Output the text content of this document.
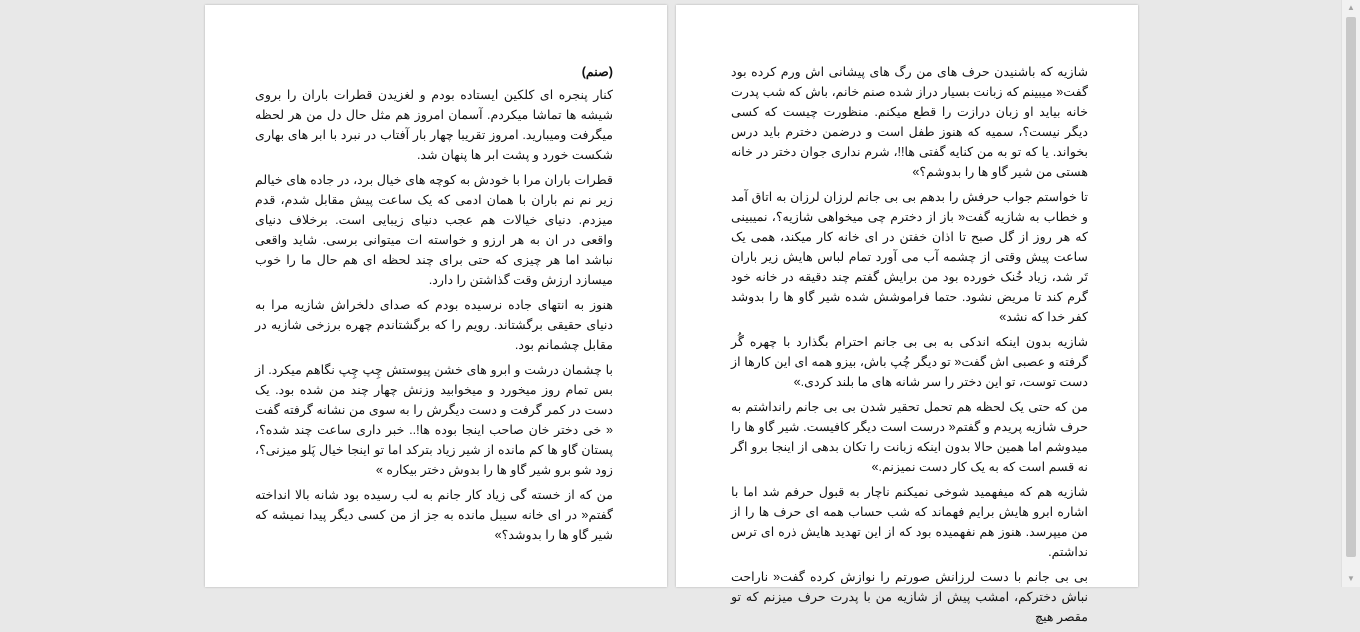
شازیه که باشنیدن حرف های من رگ های پیشانی اش ورم کرده بود گفت« میبینم که زبانت بسیار دراز شده صنم خانم، باش که شب پدرت خانه بیاید او زبان درازت را قطع میکنم. منظورت چیست که کسی دیگر نیست؟، سمیه که هنوز طفل است و درضمن دخترم باید درس بخواند. یا که تو به من کنایه گفتی ها!!، شرم نداری جوان دختر در خانه هستی من شیر گاو ها را بدوشم؟»

تا خواستم جواب حرفش را بدهم بی بی جانم لرزان لرزان به اتاق آمد و خطاب به شازیه گفت« باز از دخترم چی میخواهی شازیه؟، نمیبینی که هر روز از گل صبح تا اذان خفتن در ای خانه کار میکند، همی یک ساعت پیش وقتی از چشمه آب می آورد تمام لباس هایش زیر باران تَر شد، زیاد خُنک خورده بود من برایش گفتم چند دقیقه در خانه خود گرم کند تا مریض نشود. حتما فراموشش شده شیر گاو ها را بدوشد کفر خدا که نشد»

شازیه بدون اینکه اندکی به بی بی جانم احترام بگذارد با چهره گُر گرفته و عصبی اش گفت« تو دیگر چُپ باش، بیزو همه ای این کارها از دست توست، تو این دختر را سر شانه های ما بلند کردی.»

من که حتی یک لحظه هم تحمل تحقیر شدن بی بی جانم رانداشتم به حرف شازیه پریدم و گفتم« درست است دیگر کافیست. شیر گاو ها را میدوشم اما همین حالا بدون اینکه زبانت را تکان بدهی از اینجا برو اگر نه قسم است که به یک کار دست نمیزنم.»

شازیه هم که میفهمید شوخی نمیکنم ناچار به قبول حرفم شد اما با اشاره ابرو هایش برایم فهماند که شب حساب همه ای حرف ها را از من میپرسد. هنوز هم نفهمیده بود که از این تهدید هایش ذره ای ترس نداشتم.

بی بی جانم با دست لرزانش صورتم را نوازش کرده گفت« ناراحت نباش دخترکم، امشب پیش از شازیه من با پدرت حرف میزنم که تو مقصر هیچ

(صنم)

کنار پنجره ای کلکین ایستاده بودم و لغزیدن قطرات باران را بروی شیشه ها تماشا میکردم. آسمان امروز هم مثل حال دل من هر لحظه میگرفت ومیبارید. امروز تقریبا چهار بار آفتاب در نبرد با ابر های بهاری شکست خورد و پشت ابر ها پنهان شد.

قطرات باران مرا با خودش به کوچه های خیال برد، در جاده های خیالم زیر نم نم باران با همان ادمی که یک ساعت پیش مقابل شدم، قدم میزدم. دنیای خیالات هم عجب دنیای زیبایی است. برخلاف دنیای واقعی در ان به هر ارزو و خواسته ات میتوانی برسی. شاید واقعی نباشد اما هر چیزی که حتی برای چند لحظه ای هم حال ما را خوب میسازد ارزش وقت گذاشتن را دارد.

هنوز به انتهای جاده نرسیده بودم که صدای دلخراش شازیه مرا به دنیای حقیقی برگشتاند. رویم را که برگشتاندم چهره برزخی شازیه در مقابل چشمانم بود.

با چشمان درشت و ابرو های خشن پیوستش چِپ چِپ نگاهم میکرد. از بس تمام روز میخورد و میخوابید وزنش چهار چند من شده بود. یک دست در کمر گرفت و دست دیگرش را به سوی من نشانه گرفته گفت « خی دختر خان صاحب اینجا بوده ها!.. خبر داری ساعت چند شده؟، پستان گاو ها کم مانده از شیر زیاد بترکد اما تو اینجا خیال پَلو میزنی؟، زود شو برو شیر گاو ها را بدوش دختر بیکاره »

من که از خسته گی زیاد کار جانم به لب رسیده بود شانه بالا انداخته گفتم« در ای خانه سیبل مانده به جز از من کسی دیگر پیدا نمیشه که شیر گاو ها را بدوشد؟»

▲
▼
